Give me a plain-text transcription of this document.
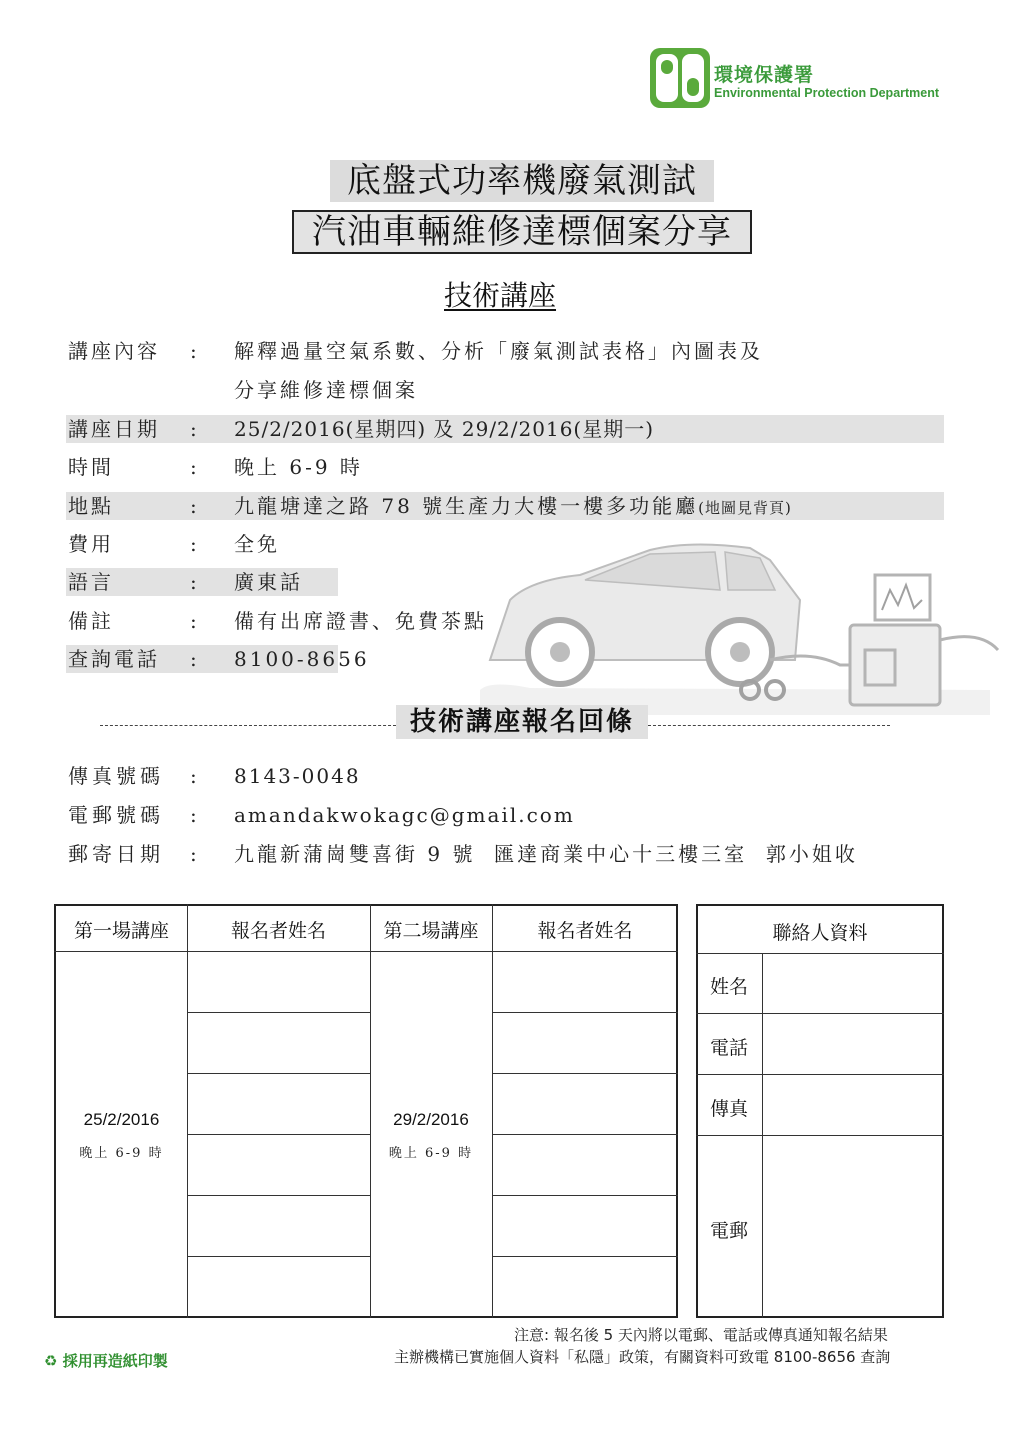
環境保護署
Environmental Protection Department
底盤式功率機廢氣測試
汽油車輛維修達標個案分享
技術講座
講座內容	: 解釋過量空氣系數、分析「廢氣測試表格」內圖表及
分享維修達標個案
講座日期	: 25/2/2016(星期四) 及 29/2/2016(星期一)
時間	: 晚上 6-9 時
地點	: 九龍塘達之路 78 號生產力大樓一樓多功能廳(地圖見背頁)
費用	: 全免
語言	: 廣東話
備註	: 備有出席證書、免費茶點
查詢電話	: 8100-8656
技術講座報名回條
傳真號碼	: 8143-0048
電郵號碼	: amandakwokagc@gmail.com
郵寄日期	: 九龍新蒲崗雙喜街 9 號  匯達商業中心十三樓三室  郭小姐收
第一場講座	報名者姓名	第二場講座	報名者姓名
25/2/2016
晚上 6-9 時
29/2/2016
晚上 6-9 時
聯絡人資料
姓名
電話
傳真
電郵
注意: 報名後 5 天內將以電郵、電話或傳真通知報名結果
主辦機構已實施個人資料「私隱」政策，有關資料可致電 8100-8656 查詢
♻ 採用再造紙印製
